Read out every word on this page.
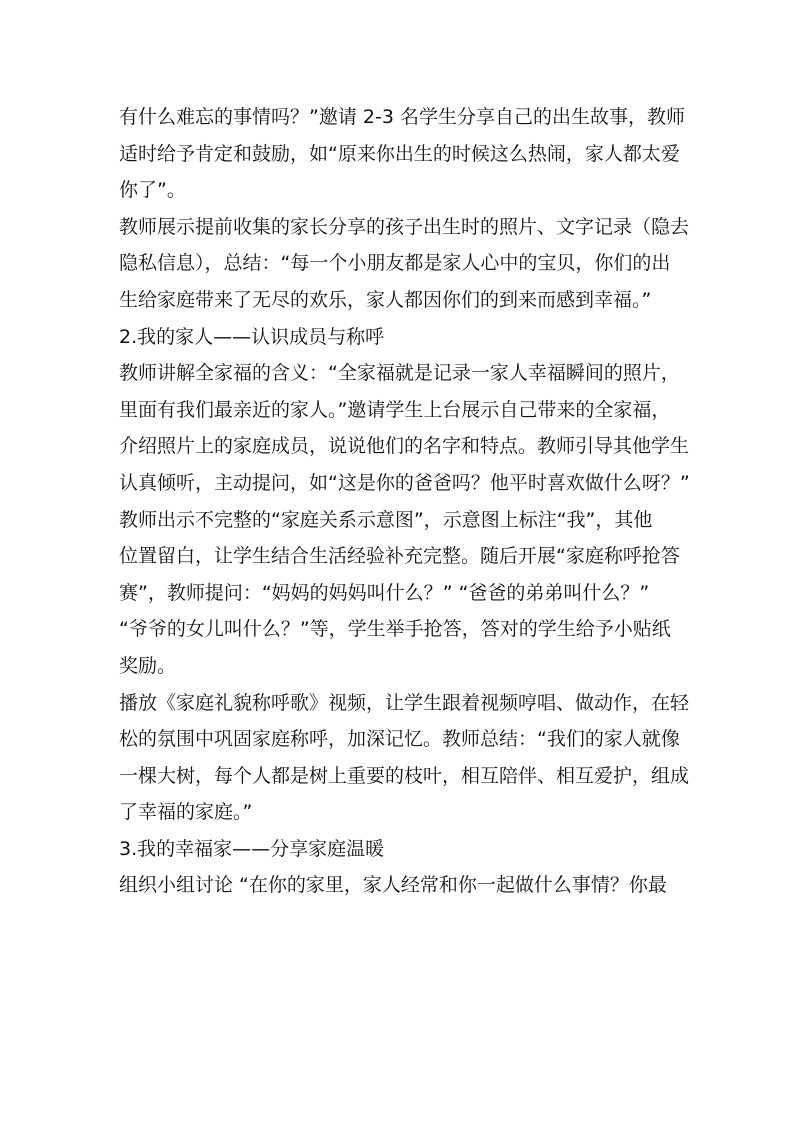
有什么难忘的事情吗？”邀请 2-3 名学生分享自己的出生故事，教师

适时给予肯定和鼓励，如“原来你出生的时候这么热闹，家人都太爱

你了”。

教师展示提前收集的家长分享的孩子出生时的照片、文字记录（隐去

隐私信息），总结：“每一个小朋友都是家人心中的宝贝，你们的出

生给家庭带来了无尽的欢乐，家人都因你们的到来而感到幸福。”

2.我的家人——认识成员与称呼

教师讲解全家福的含义：“全家福就是记录一家人幸福瞬间的照片，

里面有我们最亲近的家人。”邀请学生上台展示自己带来的全家福，

介绍照片上的家庭成员，说说他们的名字和特点。教师引导其他学生

认真倾听，主动提问，如“这是你的爸爸吗？他平时喜欢做什么呀？”

教师出示不完整的“家庭关系示意图”，示意图上标注“我”，其他

位置留白，让学生结合生活经验补充完整。随后开展“家庭称呼抢答

赛”，教师提问：“妈妈的妈妈叫什么？” “爸爸的弟弟叫什么？”

“爷爷的女儿叫什么？”等，学生举手抢答，答对的学生给予小贴纸

奖励。

播放《家庭礼貌称呼歌》视频，让学生跟着视频哼唱、做动作，在轻

松的氛围中巩固家庭称呼，加深记忆。教师总结：“我们的家人就像

一棵大树，每个人都是树上重要的枝叶，相互陪伴、相互爱护，组成

了幸福的家庭。”

3.我的幸福家——分享家庭温暖

组织小组讨论 “在你的家里，家人经常和你一起做什么事情？你最
